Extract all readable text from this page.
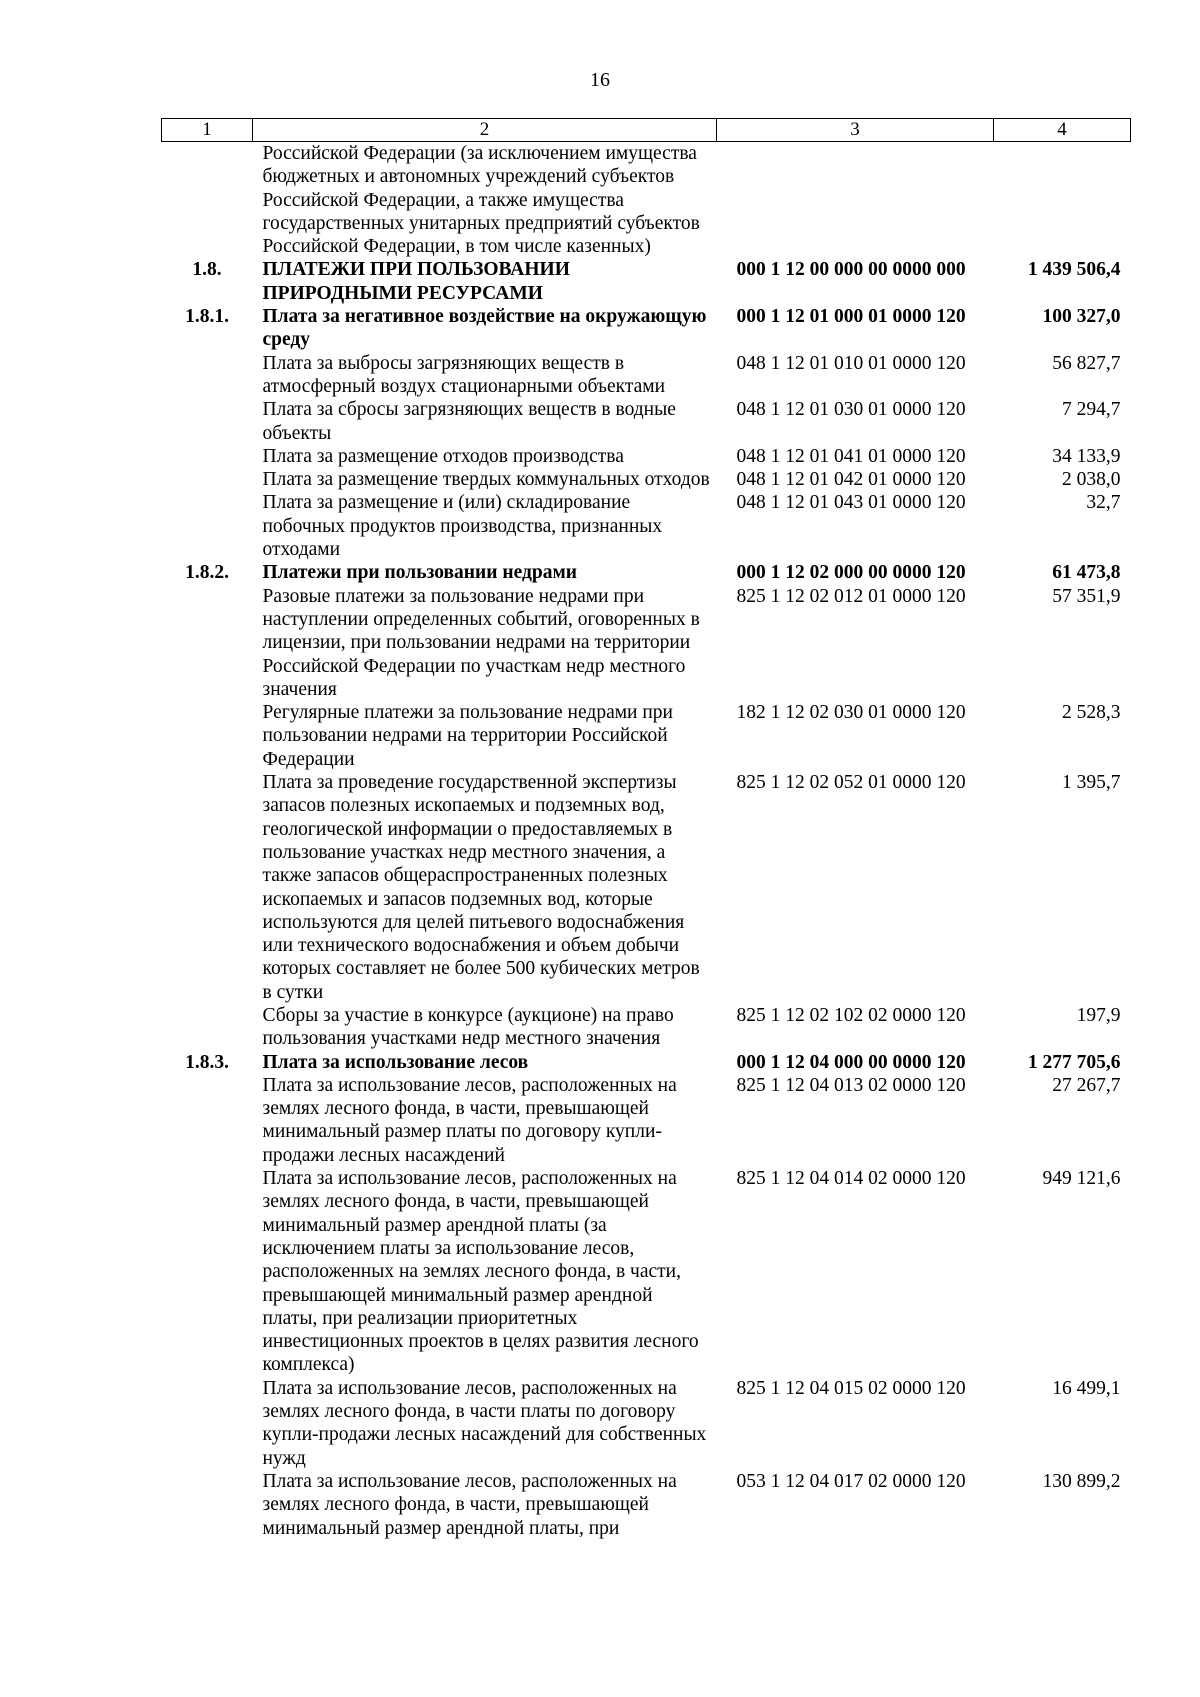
16
1	2	3	4
	Российской Федерации (за исключением имущества бюджетных и автономных учреждений субъектов Российской Федерации, а также имущества государственных унитарных предприятий субъектов Российской Федерации, в том числе казенных)		
1.8.	ПЛАТЕЖИ ПРИ ПОЛЬЗОВАНИИ ПРИРОДНЫМИ РЕСУРСАМИ	000 1 12 00 000 00 0000 000	1 439 506,4
1.8.1.	Плата за негативное воздействие на окружающую среду	000 1 12 01 000 01 0000 120	100 327,0
	Плата за выбросы загрязняющих веществ в атмосферный воздух стационарными объектами	048 1 12 01 010 01 0000 120	56 827,7
	Плата за сбросы загрязняющих веществ в водные объекты	048 1 12 01 030 01 0000 120	7 294,7
	Плата за размещение отходов производства	048 1 12 01 041 01 0000 120	34 133,9
	Плата за размещение твердых коммунальных отходов	048 1 12 01 042 01 0000 120	2 038,0
	Плата за размещение и (или) складирование побочных продуктов производства, признанных отходами	048 1 12 01 043 01 0000 120	32,7
1.8.2.	Платежи при пользовании недрами	000 1 12 02 000 00 0000 120	61 473,8
	Разовые платежи за пользование недрами при наступлении определенных событий, оговоренных в лицензии, при пользовании недрами на территории Российской Федерации по участкам недр местного значения	825 1 12 02 012 01 0000 120	57 351,9
	Регулярные платежи за пользование недрами при пользовании недрами на территории Российской Федерации	182 1 12 02 030 01 0000 120	2 528,3
	Плата за проведение государственной экспертизы запасов полезных ископаемых и подземных вод, геологической информации о предоставляемых в пользование участках недр местного значения, а также запасов общераспространенных полезных ископаемых и запасов подземных вод, которые используются для целей питьевого водоснабжения или технического водоснабжения и объем добычи которых составляет не более 500 кубических метров в сутки	825 1 12 02 052 01 0000 120	1 395,7
	Сборы за участие в конкурсе (аукционе) на право пользования участками недр местного значения	825 1 12 02 102 02 0000 120	197,9
1.8.3.	Плата за использование лесов	000 1 12 04 000 00 0000 120	1 277 705,6
	Плата за использование лесов, расположенных на землях лесного фонда, в части, превышающей минимальный размер платы по договору купли-продажи лесных насаждений	825 1 12 04 013 02 0000 120	27 267,7
	Плата за использование лесов, расположенных на землях лесного фонда, в части, превышающей минимальный размер арендной платы (за исключением платы за использование лесов, расположенных на землях лесного фонда, в части, превышающей минимальный размер арендной платы, при реализации приоритетных инвестиционных проектов в целях развития лесного комплекса)	825 1 12 04 014 02 0000 120	949 121,6
	Плата за использование лесов, расположенных на землях лесного фонда, в части платы по договору купли-продажи лесных насаждений для собственных нужд	825 1 12 04 015 02 0000 120	16 499,1
	Плата за использование лесов, расположенных на землях лесного фонда, в части, превышающей минимальный размер арендной платы, при	053 1 12 04 017 02 0000 120	130 899,2
